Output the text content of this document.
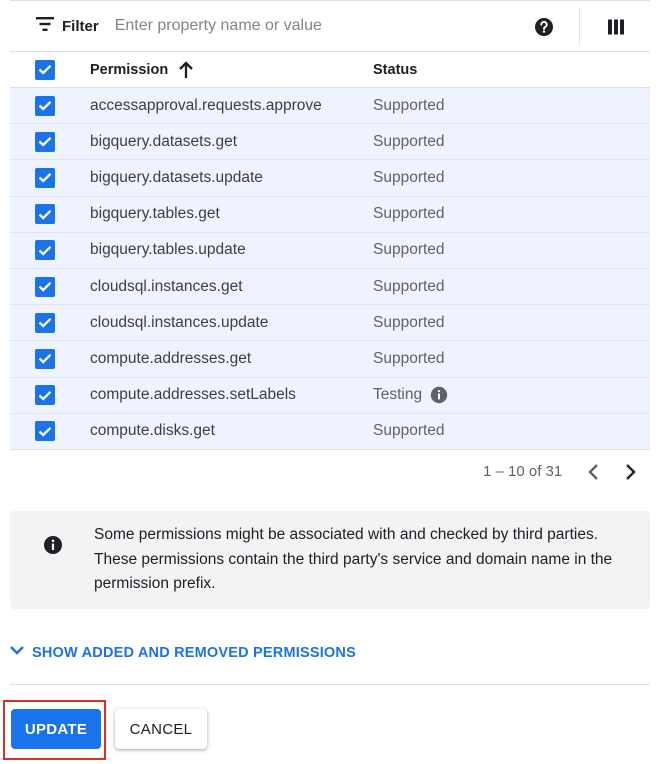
Filter
Enter property name or value
Permission	Status
accessapproval.requests.approve	Supported
bigquery.datasets.get	Supported
bigquery.datasets.update	Supported
bigquery.tables.get	Supported
bigquery.tables.update	Supported
cloudsql.instances.get	Supported
cloudsql.instances.update	Supported
compute.addresses.get	Supported
compute.addresses.setLabels	Testing
compute.disks.get	Supported
1 – 10 of 31
Some permissions might be associated with and checked by third parties. These permissions contain the third party's service and domain name in the permission prefix.
SHOW ADDED AND REMOVED PERMISSIONS
UPDATE	CANCEL
